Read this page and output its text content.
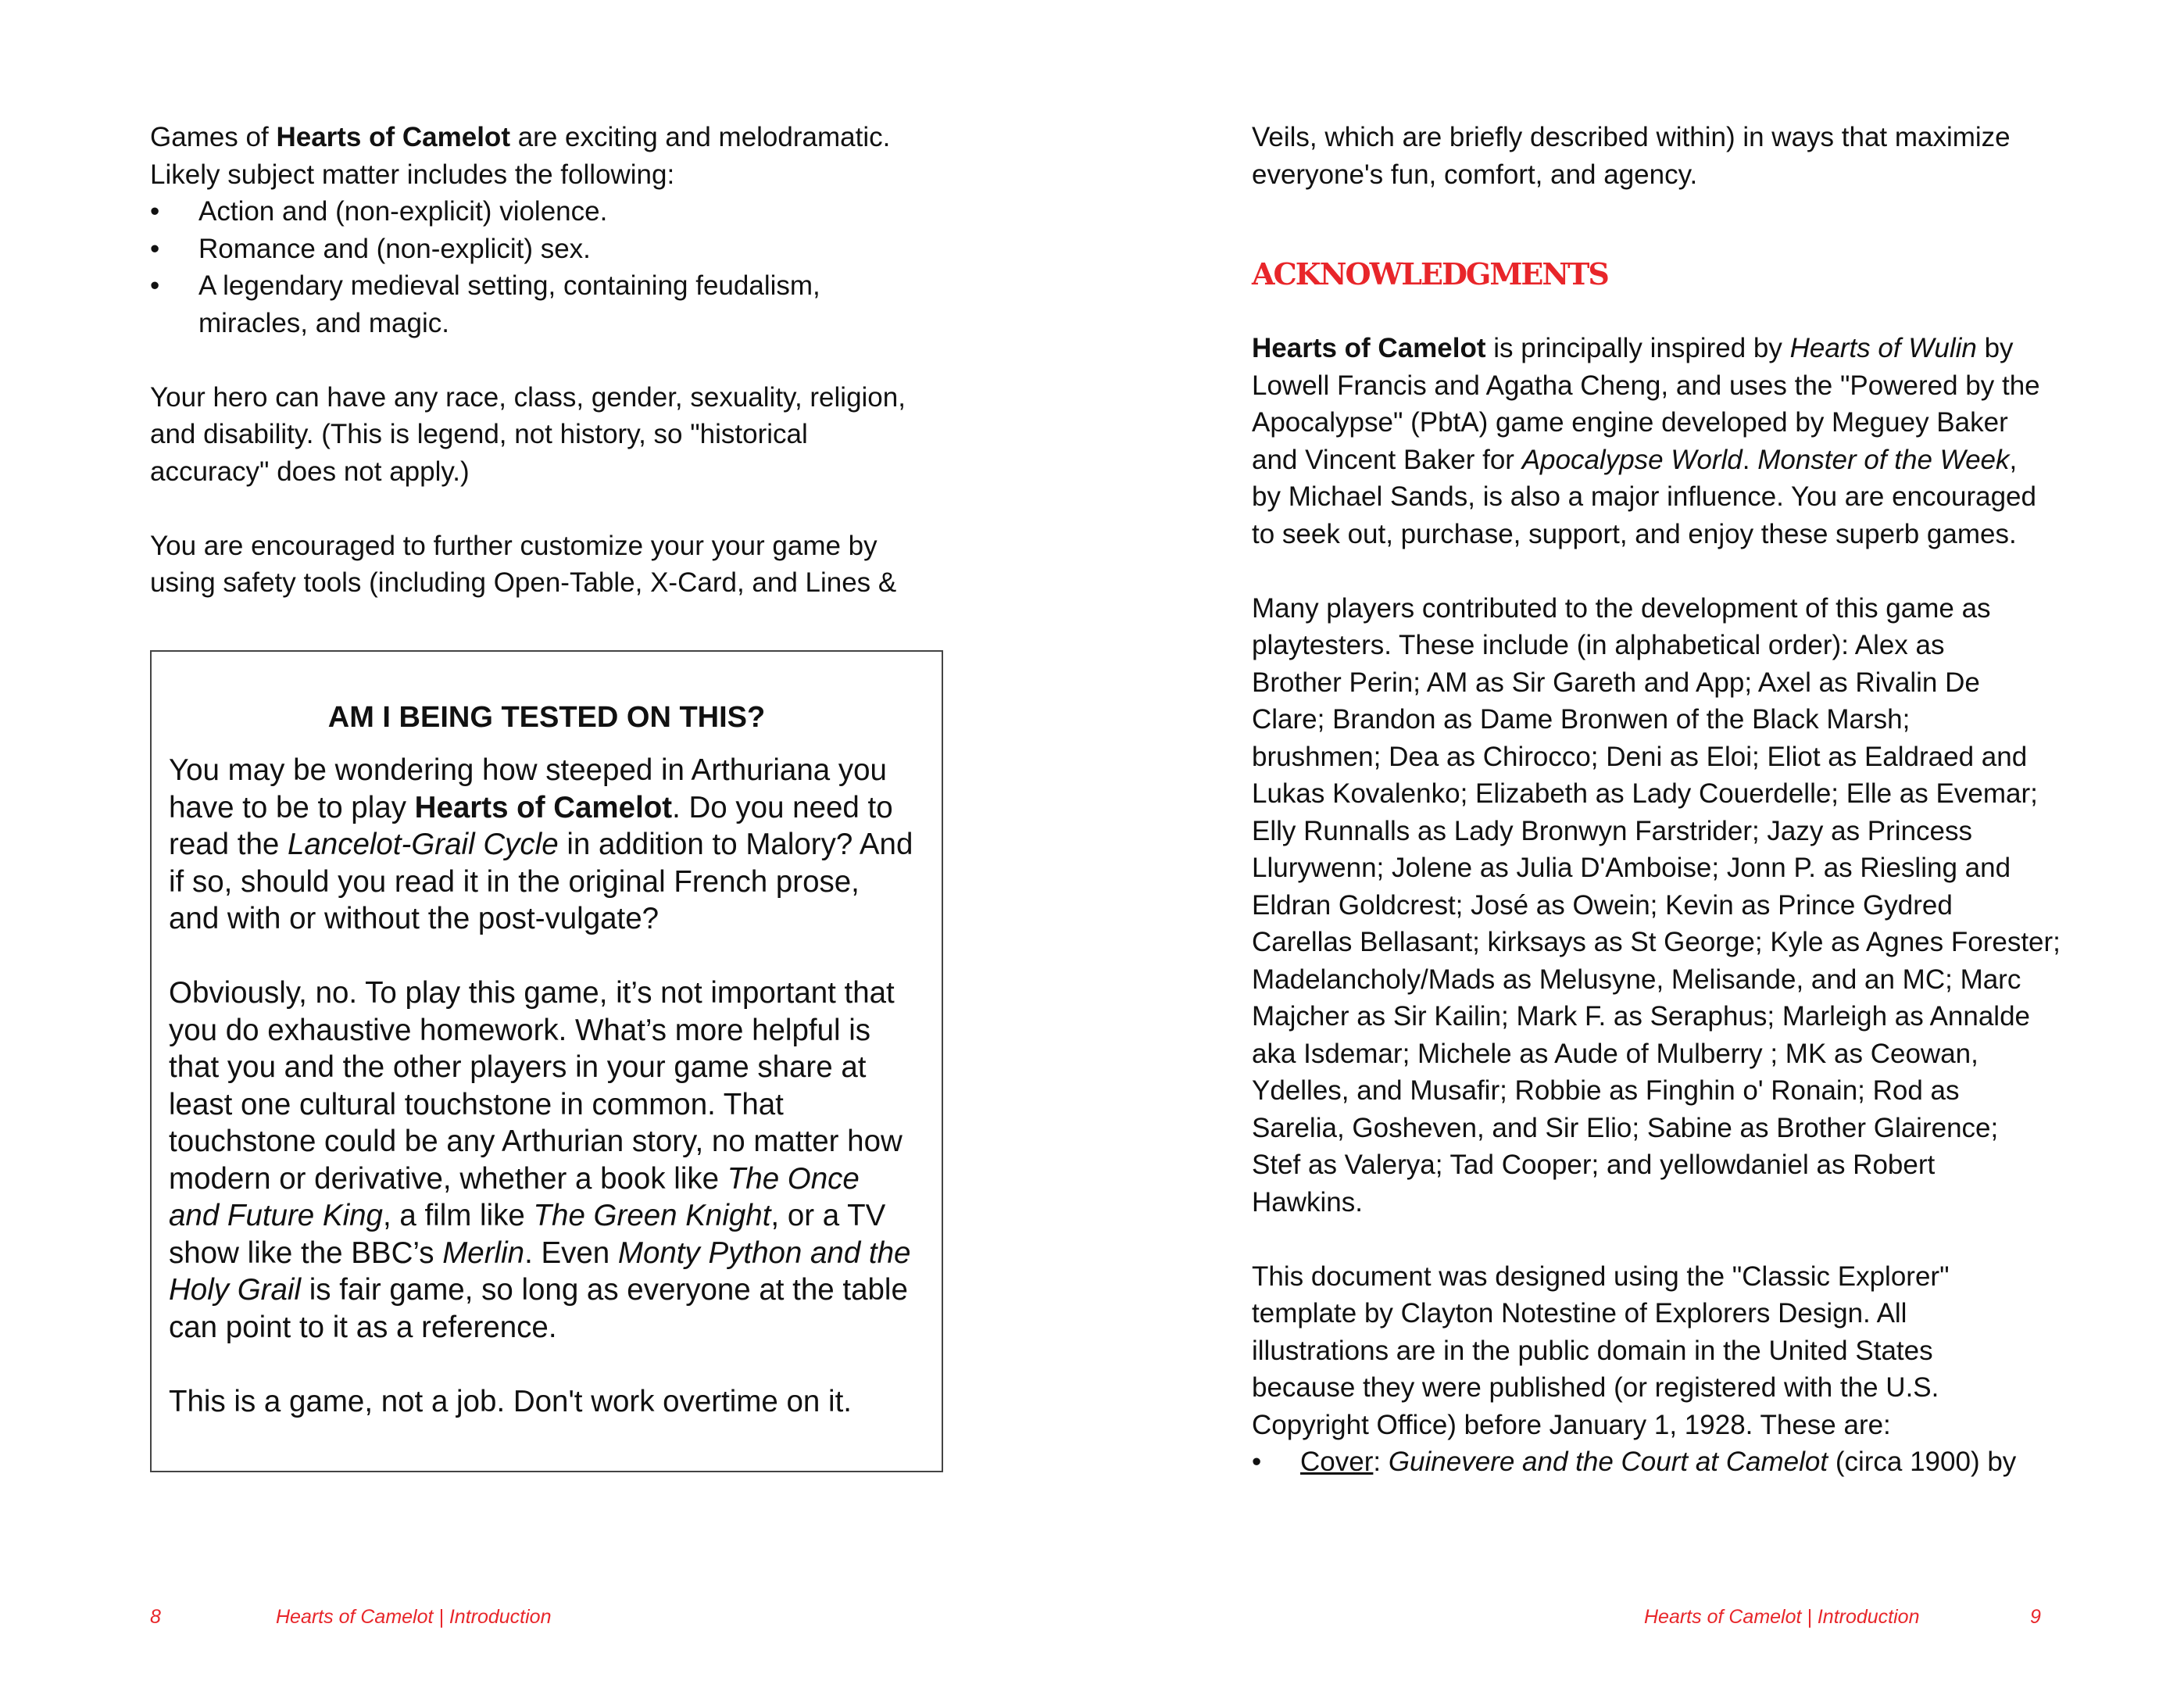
Games of Hearts of Camelot are exciting and melodramatic.
Likely subject matter includes the following:

• Action and (non-explicit) violence.
• Romance and (non-explicit) sex.
• A legendary medieval setting, containing feudalism,
miracles, and magic.

Your hero can have any race, class, gender, sexuality, religion,
and disability. (This is legend, not history, so "historical
accuracy" does not apply.)

You are encouraged to further customize your your game by
using safety tools (including Open-Table, X-Card, and Lines &

AM I BEING TESTED ON THIS?

You may be wondering how steeped in Arthuriana you
have to be to play Hearts of Camelot. Do you need to
read the Lancelot-Grail Cycle in addition to Malory? And
if so, should you read it in the original French prose,
and with or without the post-vulgate?

Obviously, no. To play this game, it’s not important that
you do exhaustive homework. What’s more helpful is
that you and the other players in your game share at
least one cultural touchstone in common. That
touchstone could be any Arthurian story, no matter how
modern or derivative, whether a book like The Once
and Future King, a film like The Green Knight, or a TV
show like the BBC’s Merlin. Even Monty Python and the
Holy Grail is fair game, so long as everyone at the table
can point to it as a reference.

This is a game, not a job. Don't work overtime on it.

8	Hearts of Camelot | Introduction

Veils, which are briefly described within) in ways that maximize
everyone's fun, comfort, and agency.

ACKNOWLEDGMENTS

Hearts of Camelot is principally inspired by Hearts of Wulin by
Lowell Francis and Agatha Cheng, and uses the "Powered by the
Apocalypse" (PbtA) game engine developed by Meguey Baker
and Vincent Baker for Apocalypse World. Monster of the Week,
by Michael Sands, is also a major influence. You are encouraged
to seek out, purchase, support, and enjoy these superb games.

Many players contributed to the development of this game as
playtesters. These include (in alphabetical order): Alex as
Brother Perin; AM as Sir Gareth and App; Axel as Rivalin De
Clare; Brandon as Dame Bronwen of the Black Marsh;
brushmen; Dea as Chirocco; Deni as Eloi; Eliot as Ealdraed and
Lukas Kovalenko; Elizabeth as Lady Couerdelle; Elle as Evemar;
Elly Runnalls as Lady Bronwyn Farstrider; Jazy as Princess
Llurywenn; Jolene as Julia D'Amboise; Jonn P. as Riesling and
Eldran Goldcrest; José as Owein; Kevin as Prince Gydred
Carellas Bellasant; kirksays as St George; Kyle as Agnes Forester;
Madelancholy/Mads as Melusyne, Melisande, and an MC; Marc
Majcher as Sir Kailin; Mark F. as Seraphus; Marleigh as Annalde
aka Isdemar; Michele as Aude of Mulberry ; MK as Ceowan,
Ydelles, and Musafir; Robbie as Finghin o' Ronain; Rod as
Sarelia, Gosheven, and Sir Elio; Sabine as Brother Glairence;
Stef as Valerya; Tad Cooper; and yellowdaniel as Robert
Hawkins.

This document was designed using the "Classic Explorer"
template by Clayton Notestine of Explorers Design. All
illustrations are in the public domain in the United States
because they were published (or registered with the U.S.
Copyright Office) before January 1, 1928. These are:

• Cover: Guinevere and the Court at Camelot (circa 1900) by

Hearts of Camelot | Introduction	9
